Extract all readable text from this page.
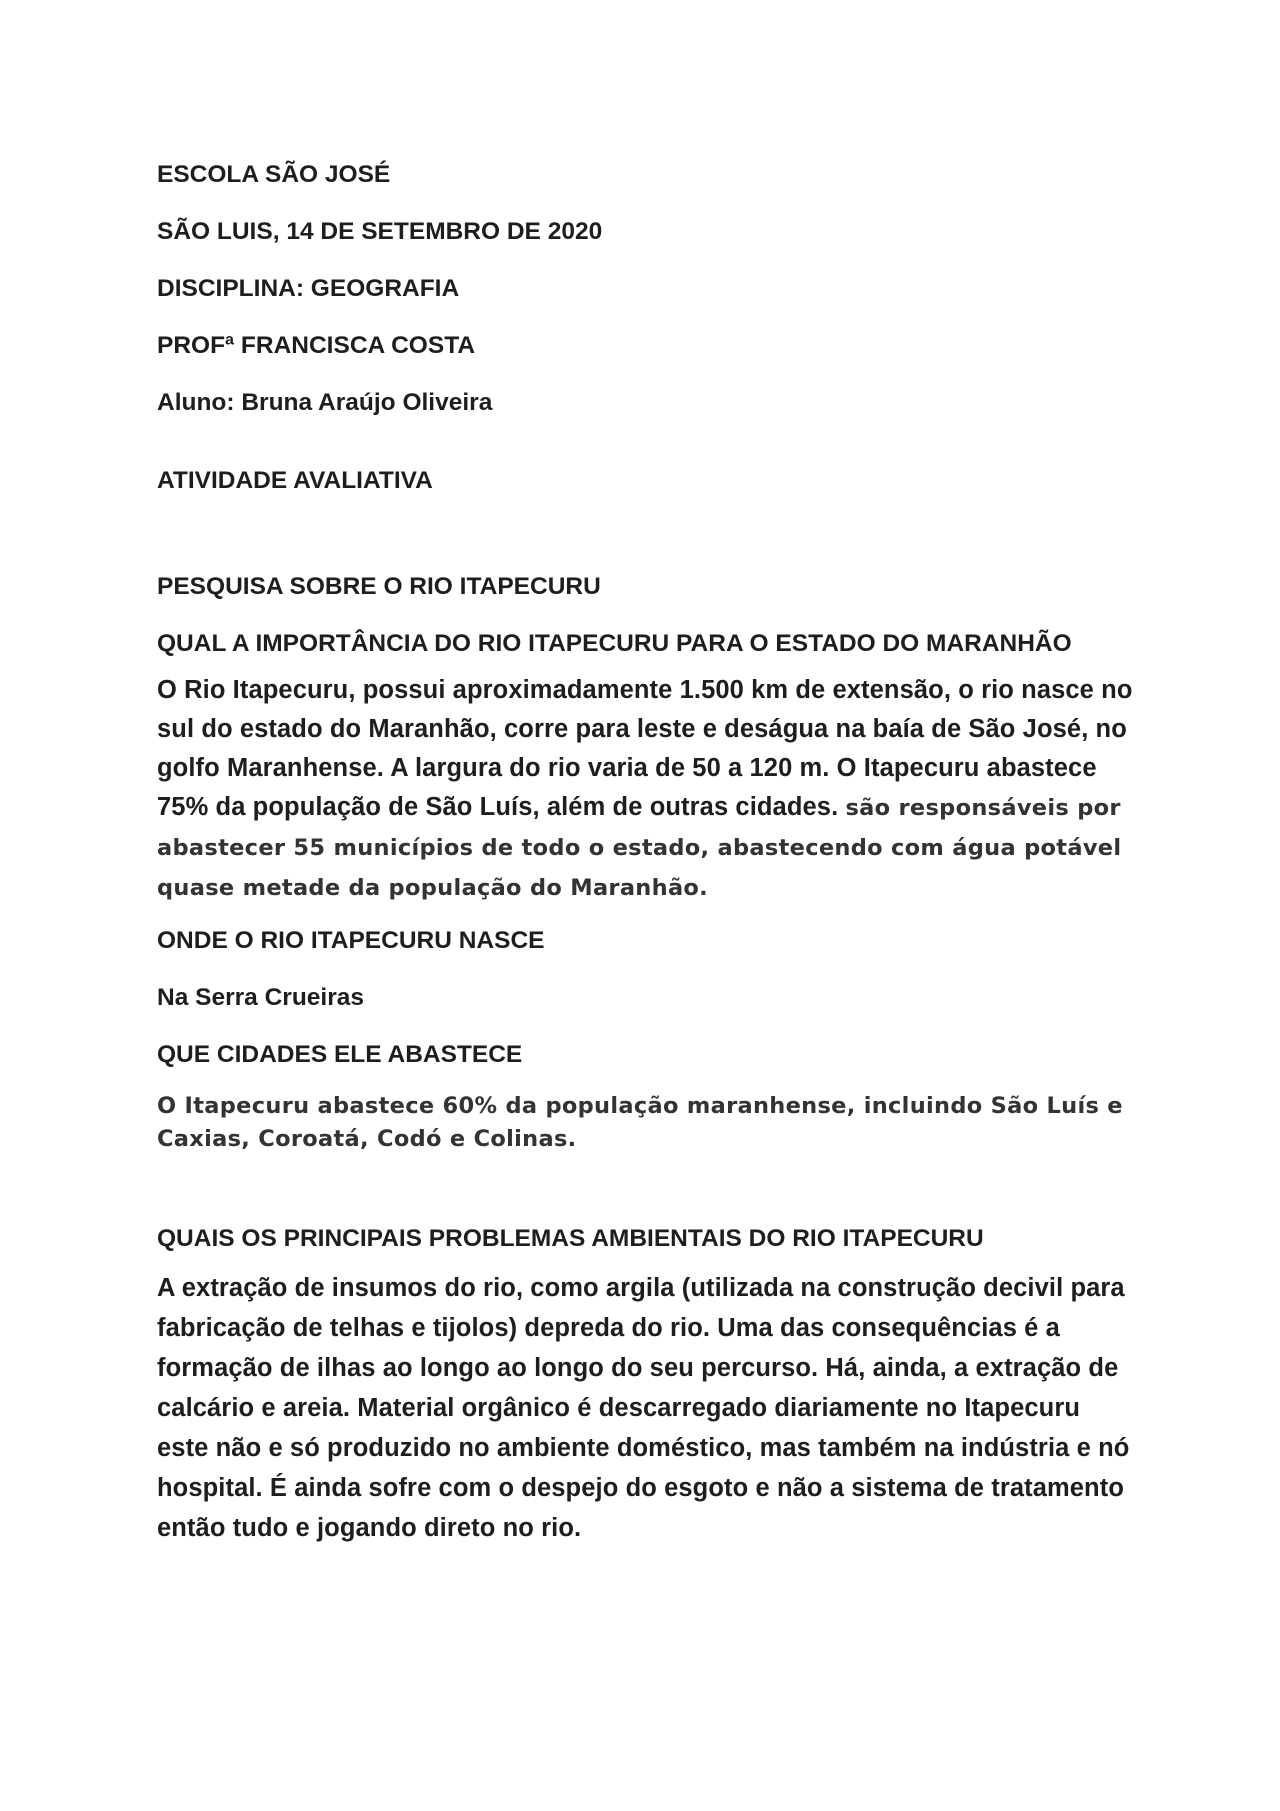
ESCOLA SÃO JOSÉ

SÃO LUIS, 14 DE SETEMBRO DE 2020

DISCIPLINA: GEOGRAFIA

PROFª FRANCISCA COSTA

Aluno: Bruna Araújo Oliveira

ATIVIDADE AVALIATIVA

PESQUISA SOBRE O RIO ITAPECURU

QUAL A IMPORTÂNCIA DO RIO ITAPECURU PARA O ESTADO DO MARANHÃO

O Rio Itapecuru, possui aproximadamente 1.500 km de extensão, o rio nasce no sul do estado do Maranhão, corre para leste e deságua na baía de São José, no golfo Maranhense. A largura do rio varia de 50 a 120 m. O Itapecuru abastece 75% da população de São Luís, além de outras cidades. são responsáveis por abastecer 55 municípios de todo o estado, abastecendo com água potável quase metade da população do Maranhão.

ONDE O RIO ITAPECURU NASCE

Na Serra Crueiras

QUE CIDADES ELE ABASTECE

O Itapecuru abastece 60% da população maranhense, incluindo São Luís e Caxias, Coroatá, Codó e Colinas.

QUAIS OS PRINCIPAIS PROBLEMAS AMBIENTAIS DO RIO ITAPECURU

A extração de insumos do rio, como argila (utilizada na construção decivil para fabricação de telhas e tijolos) depreda do rio. Uma das consequências é a formação de ilhas ao longo ao longo do seu percurso. Há, ainda, a extração de calcário e areia. Material orgânico é descarregado diariamente no Itapecuru este não e só produzido no ambiente doméstico, mas também na indústria e nó hospital. É ainda sofre com o despejo do esgoto e não a sistema de tratamento então tudo e jogando direto no rio.
